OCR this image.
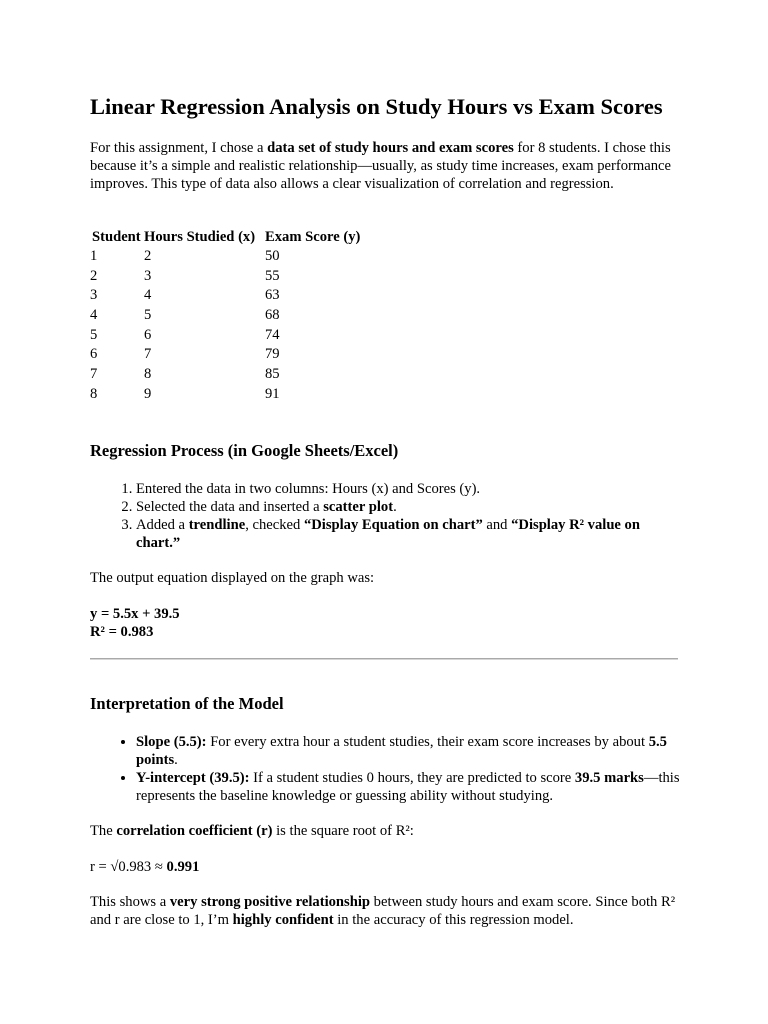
Linear Regression Analysis on Study Hours vs Exam Scores

For this assignment, I chose a data set of study hours and exam scores for 8 students. I chose this because it’s a simple and realistic relationship—usually, as study time increases, exam performance improves. This type of data also allows a clear visualization of correlation and regression.

Student	Hours Studied (x)	Exam Score (y)
1	2	50
2	3	55
3	4	63
4	5	68
5	6	74
6	7	79
7	8	85
8	9	91
Regression Process (in Google Sheets/Excel)
1. Entered the data in two columns: Hours (x) and Scores (y).
2. Selected the data and inserted a scatter plot.
3. Added a trendline, checked “Display Equation on chart” and “Display R² value on chart.”

The output equation displayed on the graph was:

y = 5.5x + 39.5

R² = 0.983

Interpretation of the Model
• Slope (5.5): For every extra hour a student studies, their exam score increases by about 5.5 points.
• Y-intercept (39.5): If a student studies 0 hours, they are predicted to score 39.5 marks—this represents the baseline knowledge or guessing ability without studying.

The correlation coefficient (r) is the square root of R²:

r = √0.983 ≈ 0.991

This shows a very strong positive relationship between study hours and exam score. Since both R² and r are close to 1, I’m highly confident in the accuracy of this regression model.
